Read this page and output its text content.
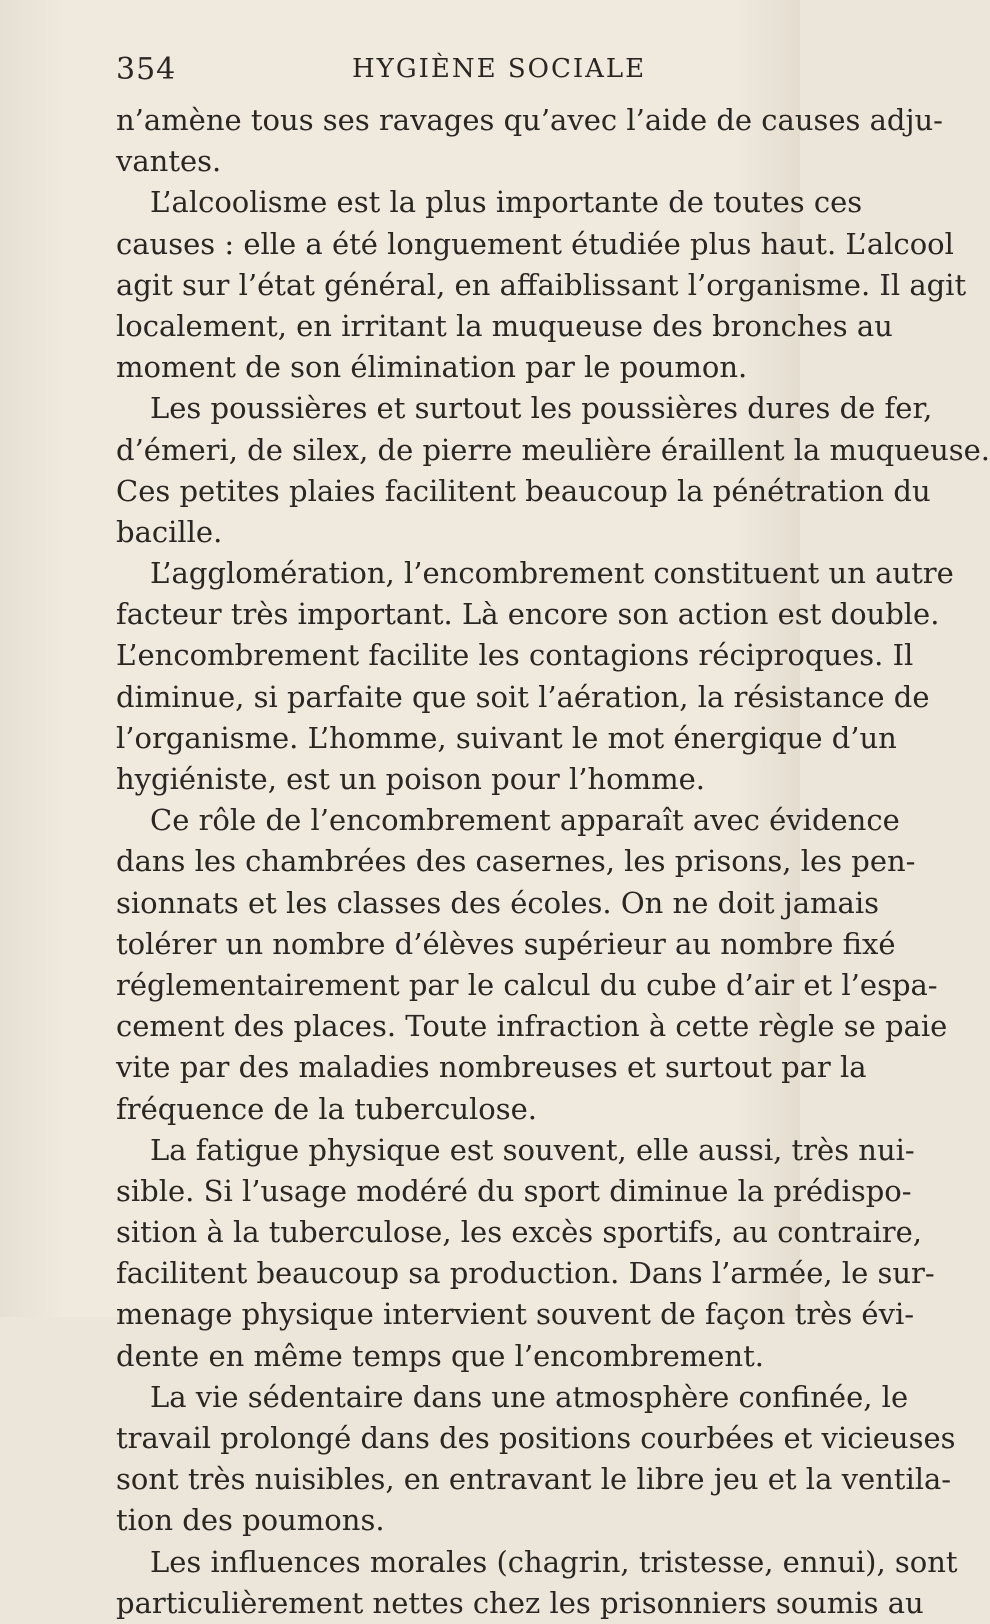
354	HYGIÈNE SOCIALE
n’amène tous ses ravages qu’avec l’aide de causes adju-
vantes.
L’alcoolisme est la plus importante de toutes ces
causes : elle a été longuement étudiée plus haut. L’alcool
agit sur l’état général, en affaiblissant l’organisme. Il agit
localement, en irritant la muqueuse des bronches au
moment de son élimination par le poumon.
Les poussières et surtout les poussières dures de fer,
d’émeri, de silex, de pierre meulière éraillent la muqueuse.
Ces petites plaies facilitent beaucoup la pénétration du
bacille.
L’agglomération, l’encombrement constituent un autre
facteur très important. Là encore son action est double.
L’encombrement facilite les contagions réciproques. Il
diminue, si parfaite que soit l’aération, la résistance de
l’organisme. L’homme, suivant le mot énergique d’un
hygiéniste, est un poison pour l’homme.
Ce rôle de l’encombrement apparaît avec évidence
dans les chambrées des casernes, les prisons, les pen-
sionnats et les classes des écoles. On ne doit jamais
tolérer un nombre d’élèves supérieur au nombre fixé
réglementairement par le calcul du cube d’air et l’espa-
cement des places. Toute infraction à cette règle se paie
vite par des maladies nombreuses et surtout par la
fréquence de la tuberculose.
La fatigue physique est souvent, elle aussi, très nui-
sible. Si l’usage modéré du sport diminue la prédispo-
sition à la tuberculose, les excès sportifs, au contraire,
facilitent beaucoup sa production. Dans l’armée, le sur-
menage physique intervient souvent de façon très évi-
dente en même temps que l’encombrement.
La vie sédentaire dans une atmosphère confinée, le
travail prolongé dans des positions courbées et vicieuses
sont très nuisibles, en entravant le libre jeu et la ventila-
tion des poumons.
Les influences morales (chagrin, tristesse, ennui), sont
particulièrement nettes chez les prisonniers soumis au
